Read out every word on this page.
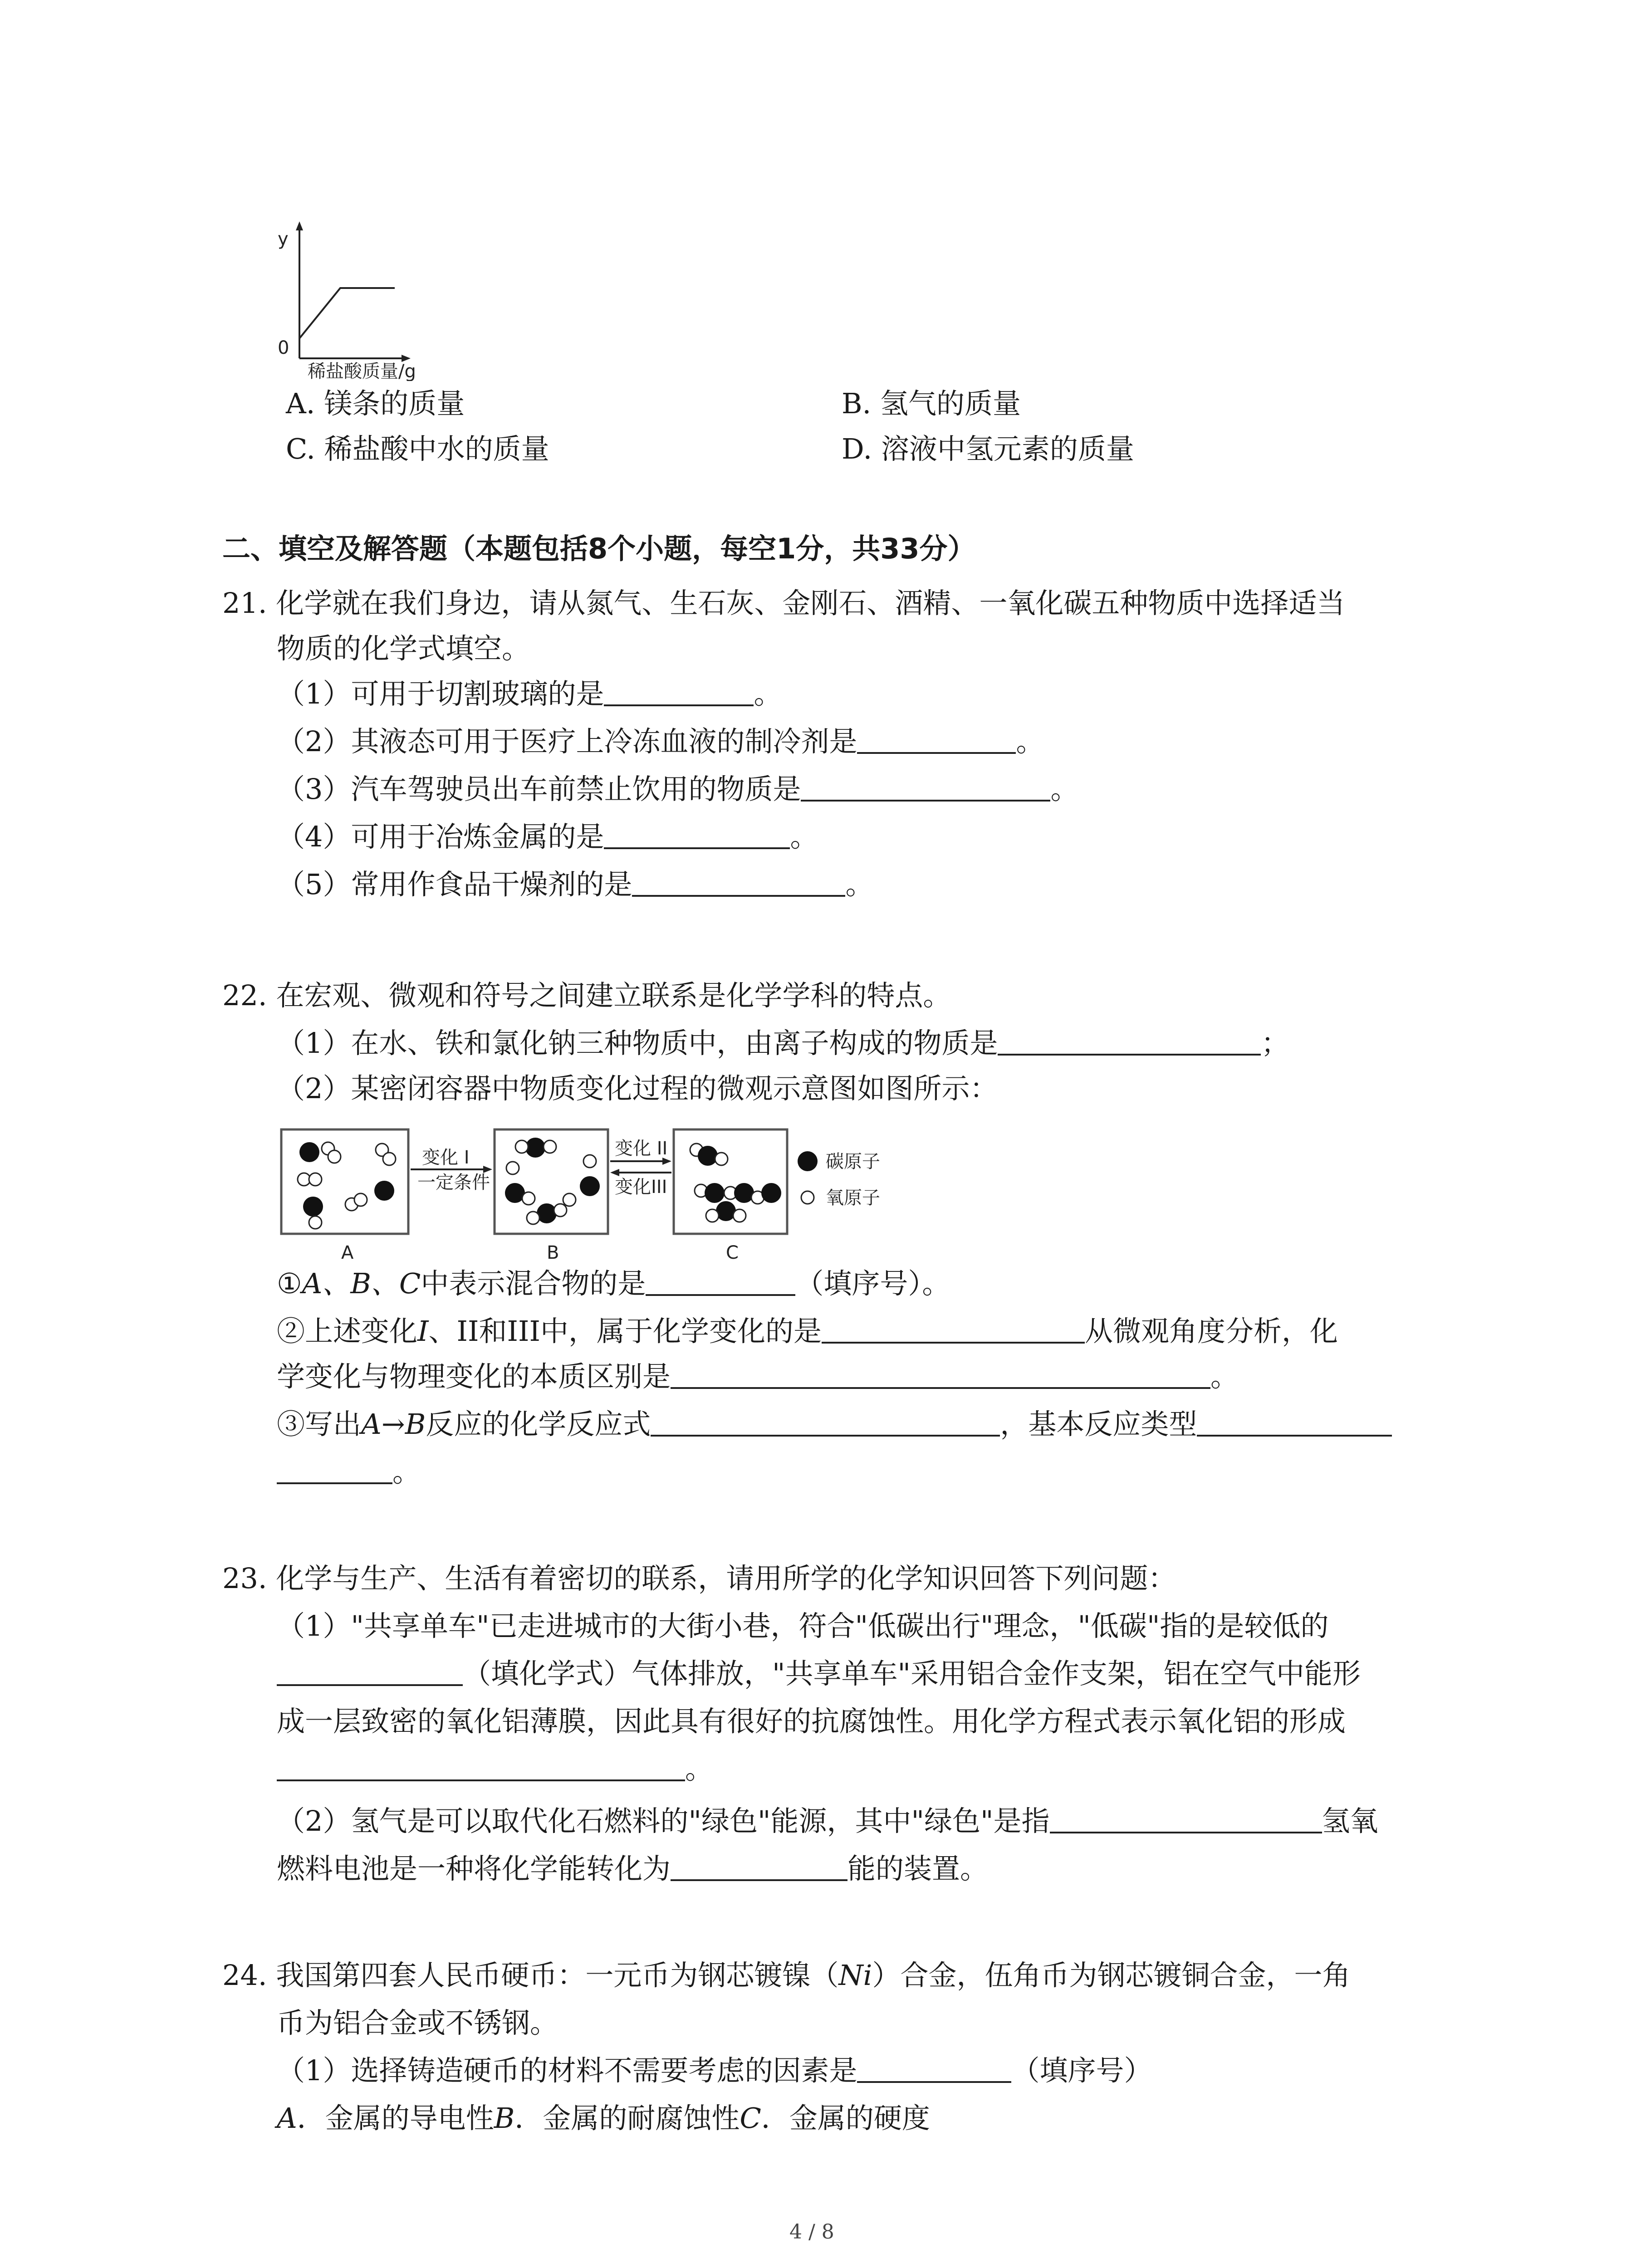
y
0
稀盐酸质量/g
A. 镁条的质量	B. 氢气的质量
C. 稀盐酸中水的质量	D. 溶液中氢元素的质量
二、填空及解答题（本题包括8个小题，每空1分，共33分）
21. 化学就在我们身边，请从氮气、生石灰、金刚石、酒精、一氧化碳五种物质中选择适当
物质的化学式填空。
（1）可用于切割玻璃的是	。
（2）其液态可用于医疗上冷冻血液的制冷剂是	。
（3）汽车驾驶员出车前禁止饮用的物质是	。
（4）可用于冶炼金属的是	。
（5）常用作食品干燥剂的是	。
22. 在宏观、微观和符号之间建立联系是化学学科的特点。
（1）在水、铁和氯化钠三种物质中，由离子构成的物质是	；
（2）某密闭容器中物质变化过程的微观示意图如图所示：
变化 I
一定条件
变化 II
变化III
A	B	C
碳原子
氧原子
①A、B、C中表示混合物的是	（填序号）。
②上述变化I、II和III中，属于化学变化的是	从微观角度分析，化
学变化与物理变化的本质区别是	。
③写出A→B反应的化学反应式	，基本反应类型
。
23. 化学与生产、生活有着密切的联系，请用所学的化学知识回答下列问题：
（1）"共享单车"已走进城市的大街小巷，符合"低碳出行"理念，"低碳"指的是较低的
（填化学式）气体排放，"共享单车"采用铝合金作支架，铝在空气中能形
成一层致密的氧化铝薄膜，因此具有很好的抗腐蚀性。用化学方程式表示氧化铝的形成
。
（2）氢气是可以取代化石燃料的"绿色"能源，其中"绿色"是指	氢氧
燃料电池是一种将化学能转化为	能的装置。
24. 我国第四套人民币硬币：一元币为钢芯镀镍（Ni）合金，伍角币为钢芯镀铜合金，一角
币为铝合金或不锈钢。
（1）选择铸造硬币的材料不需要考虑的因素是	（填序号）
A．金属的导电性B．金属的耐腐蚀性C．金属的硬度
4 / 8
